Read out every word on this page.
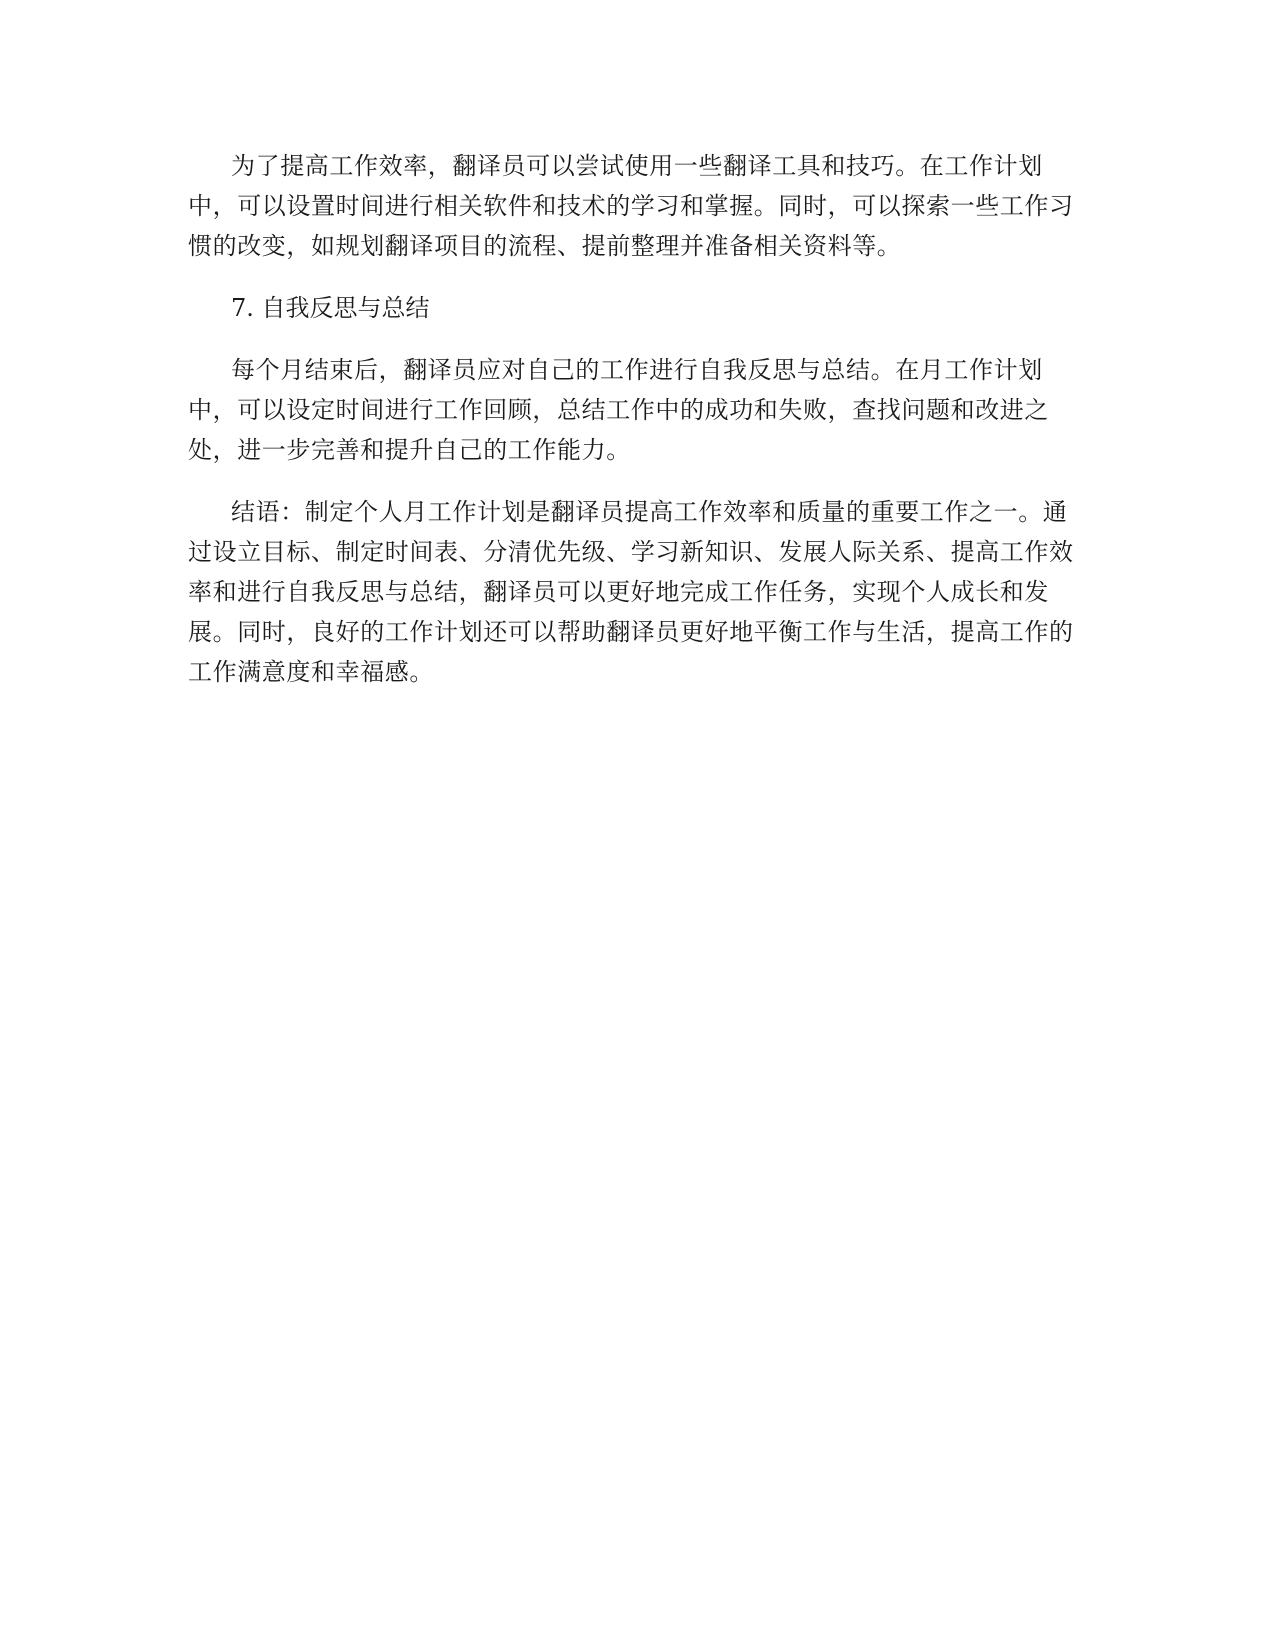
为了提高工作效率，翻译员可以尝试使用一些翻译工具和技巧。在工作计划中，可以设置时间进行相关软件和技术的学习和掌握。同时，可以探索一些工作习惯的改变，如规划翻译项目的流程、提前整理并准备相关资料等。

7. 自我反思与总结

每个月结束后，翻译员应对自己的工作进行自我反思与总结。在月工作计划中，可以设定时间进行工作回顾，总结工作中的成功和失败，查找问题和改进之处，进一步完善和提升自己的工作能力。

结语：制定个人月工作计划是翻译员提高工作效率和质量的重要工作之一。通过设立目标、制定时间表、分清优先级、学习新知识、发展人际关系、提高工作效率和进行自我反思与总结，翻译员可以更好地完成工作任务，实现个人成长和发展。同时，良好的工作计划还可以帮助翻译员更好地平衡工作与生活，提高工作的工作满意度和幸福感。
